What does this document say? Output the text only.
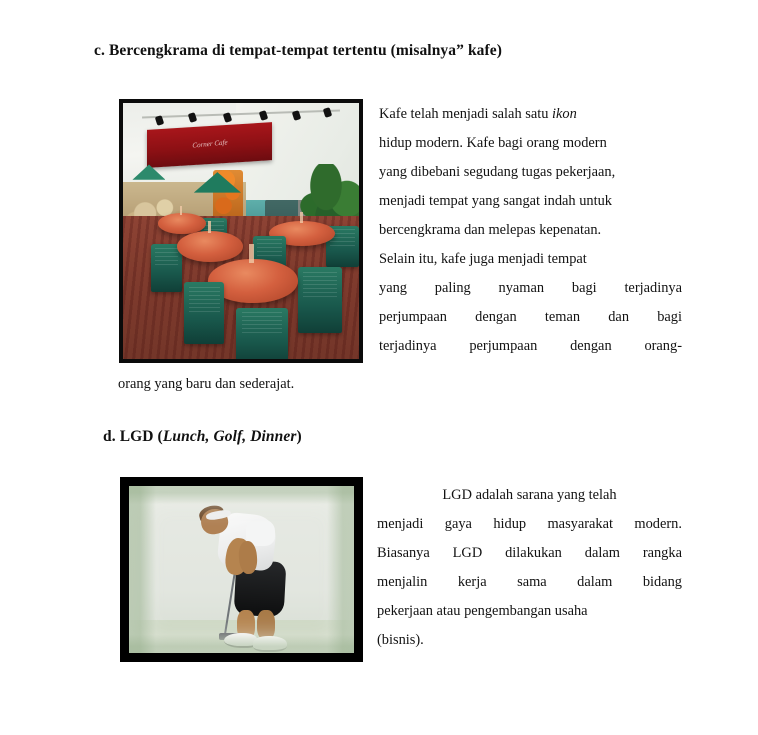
c. Bercengkrama di tempat-tempat tertentu (misalnya” kafe)
Corner Cafe
Kafe telah menjadi salah satu ikon
hidup modern. Kafe bagi orang modern
yang dibebani segudang tugas pekerjaan,
menjadi tempat yang sangat indah untuk
bercengkrama dan melepas kepenatan.
Selain itu, kafe juga menjadi tempat
yang paling nyaman bagi terjadinya
perjumpaan dengan teman dan bagi
terjadinya perjumpaan dengan orang-
orang yang baru dan sederajat.
d. LGD (Lunch, Golf, Dinner)
LGD adalah sarana yang telah
menjadi gaya hidup masyarakat modern.
Biasanya LGD dilakukan dalam rangka
menjalin kerja sama dalam bidang
pekerjaan atau pengembangan usaha
(bisnis).
